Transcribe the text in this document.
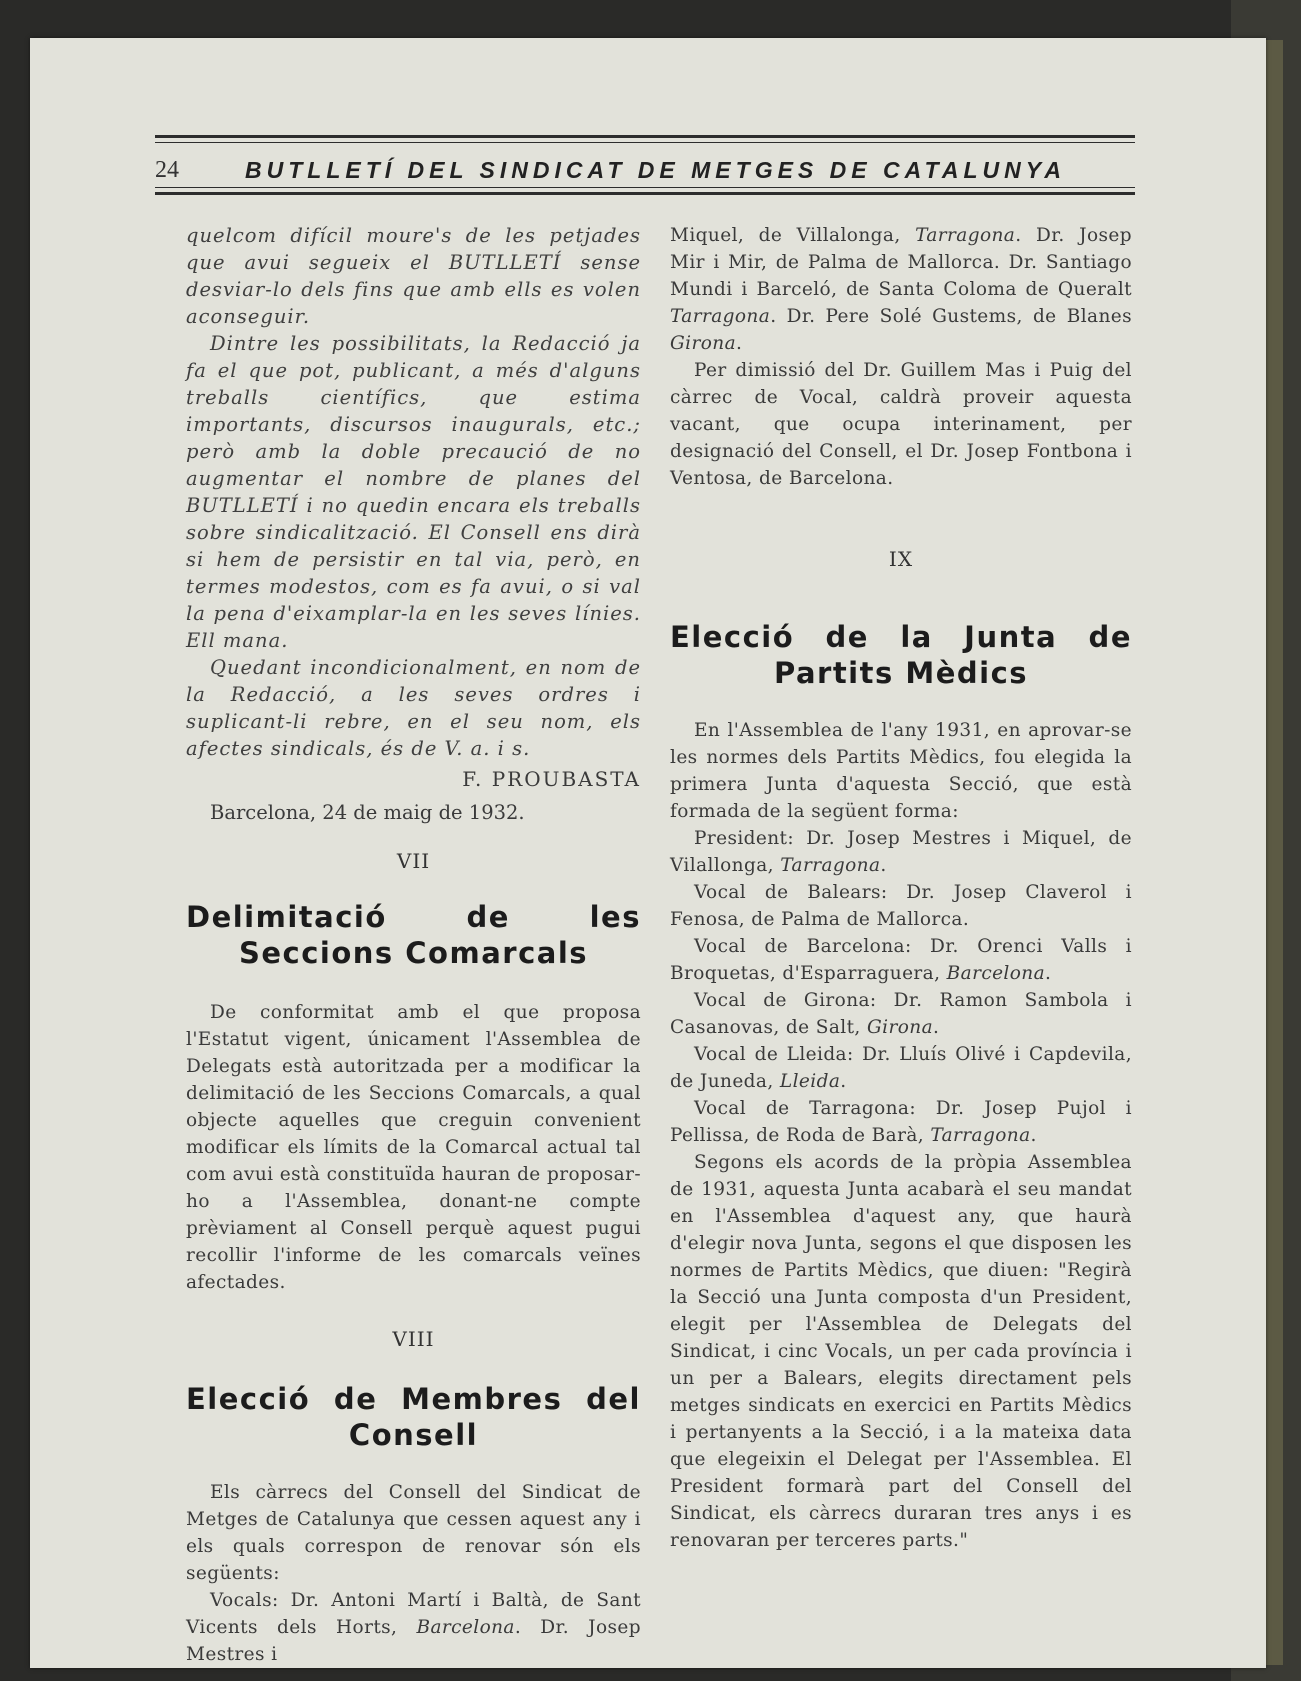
24	BUTLLETÍ DEL SINDICAT DE METGES DE CATALUNYA

quelcom difícil moure's de les petjades que avui segueix el BUTLLETÍ sense desviar-lo dels fins que amb ells es volen aconseguir.

Dintre les possibilitats, la Redacció ja fa el que pot, publicant, a més d'alguns treballs científics, que estima importants, discursos inaugurals, etc.; però amb la doble precaució de no augmentar el nombre de planes del BUTLLETÍ i no quedin encara els treballs sobre sindicalització. El Consell ens dirà si hem de persistir en tal via, però, en termes modestos, com es fa avui, o si val la pena d'eixamplar-la en les seves línies. Ell mana.

Quedant incondicionalment, en nom de la Redacció, a les seves ordres i suplicant-li rebre, en el seu nom, els afectes sindicals, és de V. a. i s.

F. PROUBASTA

Barcelona, 24 de maig de 1932.

VII

Delimitació de les Seccions Comarcals

De conformitat amb el que proposa l'Estatut vigent, únicament l'Assemblea de Delegats està autoritzada per a modificar la delimitació de les Seccions Comarcals, a qual objecte aquelles que creguin convenient modificar els límits de la Comarcal actual tal com avui està constituïda hauran de proposar-ho a l'Assemblea, donant-ne compte prèviament al Consell perquè aquest pugui recollir l'informe de les comarcals veïnes afectades.

VIII

Elecció de Membres del Consell

Els càrrecs del Consell del Sindicat de Metges de Catalunya que cessen aquest any i els quals correspon de renovar són els següents:

Vocals: Dr. Antoni Martí i Baltà, de Sant Vicents dels Horts, Barcelona. Dr. Josep Mestres i

Miquel, de Villalonga, Tarragona. Dr. Josep Mir i Mir, de Palma de Mallorca. Dr. Santiago Mundi i Barceló, de Santa Coloma de Queralt Tarragona. Dr. Pere Solé Gustems, de Blanes Girona.

Per dimissió del Dr. Guillem Mas i Puig del càrrec de Vocal, caldrà proveir aquesta vacant, que ocupa interinament, per designació del Consell, el Dr. Josep Fontbona i Ventosa, de Barcelona.

IX

Elecció de la Junta de Partits Mèdics

En l'Assemblea de l'any 1931, en aprovar-se les normes dels Partits Mèdics, fou elegida la primera Junta d'aquesta Secció, que està formada de la següent forma:

President: Dr. Josep Mestres i Miquel, de Vilallonga, Tarragona.

Vocal de Balears: Dr. Josep Claverol i Fenosa, de Palma de Mallorca.

Vocal de Barcelona: Dr. Orenci Valls i Broquetas, d'Esparraguera, Barcelona.

Vocal de Girona: Dr. Ramon Sambola i Casanovas, de Salt, Girona.

Vocal de Lleida: Dr. Lluís Olivé i Capdevila, de Juneda, Lleida.

Vocal de Tarragona: Dr. Josep Pujol i Pellissa, de Roda de Barà, Tarragona.

Segons els acords de la pròpia Assemblea de 1931, aquesta Junta acabarà el seu mandat en l'Assemblea d'aquest any, que haurà d'elegir nova Junta, segons el que disposen les normes de Partits Mèdics, que diuen: "Regirà la Secció una Junta composta d'un President, elegit per l'Assemblea de Delegats del Sindicat, i cinc Vocals, un per cada província i un per a Balears, elegits directament pels metges sindicats en exercici en Partits Mèdics i pertanyents a la Secció, i a la mateixa data que elegeixin el Delegat per l'Assemblea. El President formarà part del Consell del Sindicat, els càrrecs duraran tres anys i es renovaran per terceres parts."
